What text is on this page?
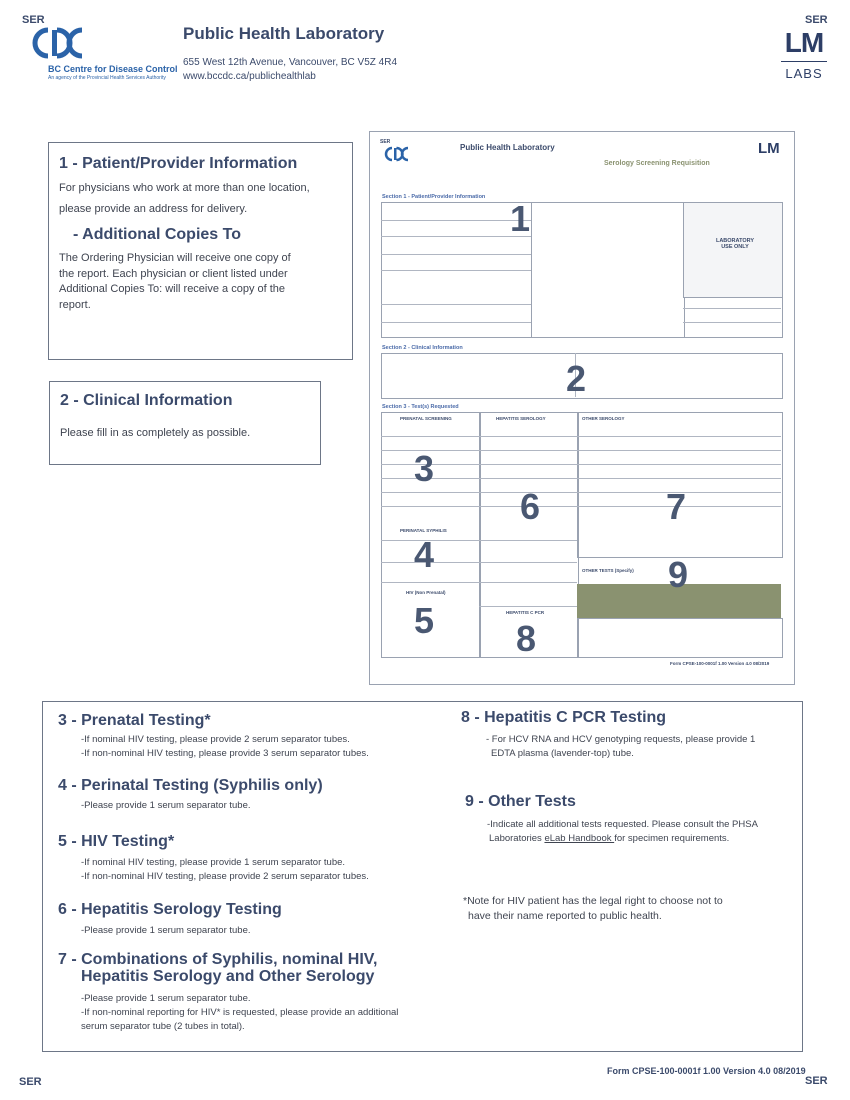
SER
BC Centre for Disease Control
An agency of the Provincial Health Services Authority
Public Health Laboratory
655 West 12th Avenue, Vancouver, BC V5Z 4R4
www.bccdc.ca/publichealthlab
SER
LM
LABS
1 - Patient/Provider Information
For physicians who work at more than one location,
please provide an address for delivery.
- Additional Copies To
The Ordering Physician will receive one copy of
the report. Each physician or client listed under
Additional Copies To: will receive a copy of the
report.
2 - Clinical Information
Please fill in as completely as possible.
SER
Public Health Laboratory
Serology Screening Requisition
LM
Section 1 - Patient/Provider Information
LABORATORY USE ONLY
1
Section 2 - Clinical Information
2
Section 3 - Test(s) Requested
PRENATAL SCREENING	HEPATITIS SEROLOGY	OTHER SEROLOGY
PERINATAL SYPHILIS
HIV (Non Prenatal)
HEPATITIS C PCR
OTHER TESTS (Specify)
3
4
5
6	7
8
9
Form CPSE-100-0001f 1.00 Version 4.0 08/2019
3 - Prenatal Testing*
-If nominal HIV testing, please provide 2 serum separator tubes.
-If non-nominal HIV testing, please provide 3 serum separator tubes.
4 - Perinatal Testing (Syphilis only)
-Please provide 1 serum separator tube.
5 - HIV Testing*
-If nominal HIV testing, please provide 1 serum separator tube.
-If non-nominal HIV testing, please provide 2 serum separator tubes.
6 - Hepatitis Serology Testing
-Please provide 1 serum separator tube.
7 - Combinations of Syphilis, nominal HIV,
Hepatitis Serology and Other Serology
-Please provide 1 serum separator tube.
-If non-nominal reporting for HIV* is requested, please provide an additional
serum separator tube (2 tubes in total).
8 - Hepatitis C PCR Testing
- For HCV RNA and HCV genotyping requests, please provide 1
EDTA plasma (lavender-top) tube.
9 - Other Tests
-Indicate all additional tests requested. Please consult the PHSA
Laboratories eLab Handbook for specimen requirements.
*Note for HIV patient has the legal right to choose not to
have their name reported to public health.
Form CPSE-100-0001f 1.00 Version 4.0 08/2019
SER	SER
